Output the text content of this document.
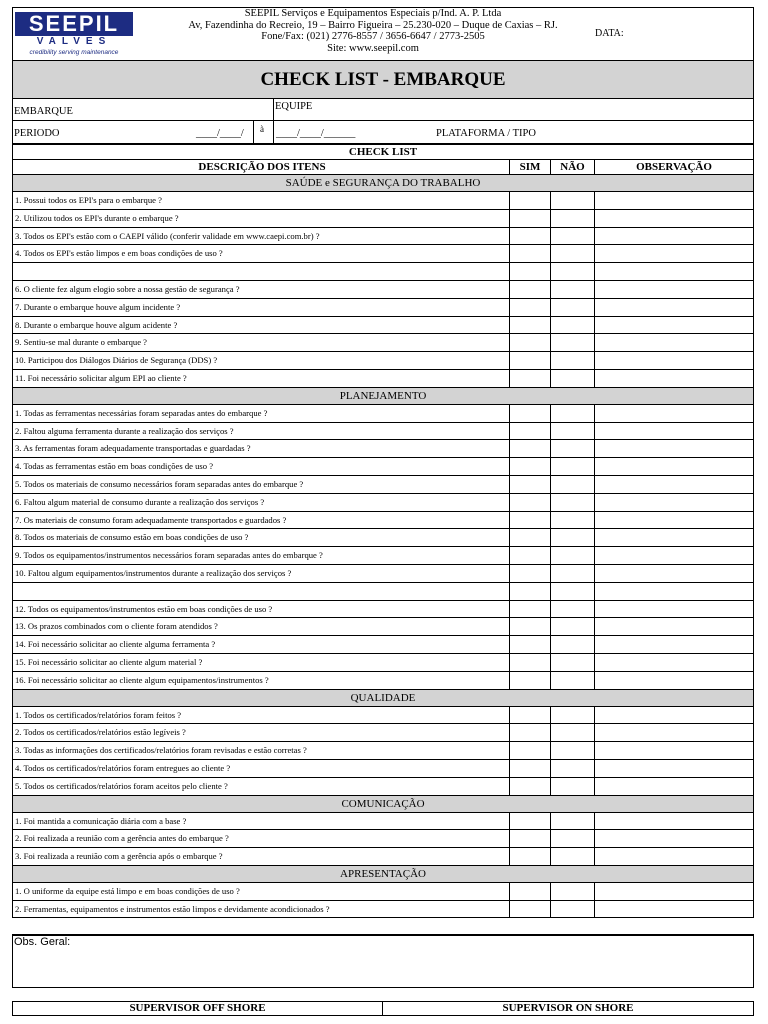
SEEPIL
VALVES
credibility serving maintenance
SEEPIL Serviços e Equipamentos Especiais p/Ind. A. P. Ltda
Av, Fazendinha do Recreio, 19 – Bairro Figueira – 25.230-020 – Duque de Caxias – RJ.
Fone/Fax: (021) 2776-8557 / 3656-6647 / 2773-2505
Site: www.seepil.com
DATA:
CHECK LIST - EMBARQUE
EMBARQUE	EQUIPE
PERIODO	____/____/ à ____/____/______	PLATAFORMA / TIPO
CHECK LIST
DESCRIÇÃO DOS ITENS	SIM	NÃO	OBSERVAÇÃO
SAÚDE e SEGURANÇA DO TRABALHO
1. Possui todos os EPI's para o embarque ?
2. Utilizou todos os EPI's durante o embarque ?
3. Todos os EPI's estão com o CAEPI válido (conferir validade em www.caepi.com.br) ?
4. Todos os EPI's estão limpos e em boas condições de uso ?
6. O cliente fez algum elogio sobre a nossa gestão de segurança ?
7. Durante o embarque houve algum incidente ?
8. Durante o embarque houve algum acidente ?
9. Sentiu-se mal durante o embarque ?
10. Participou dos Diálogos Diários de Segurança (DDS) ?
11. Foi necessário solicitar algum EPI ao cliente ?
PLANEJAMENTO
1. Todas as ferramentas necessárias foram separadas antes do embarque ?
2. Faltou alguma ferramenta durante a realização dos serviços ?
3. As ferramentas foram adequadamente transportadas e guardadas ?
4. Todas as ferramentas estão em boas condições de uso ?
5. Todos os materiais de consumo necessários foram separadas antes do embarque ?
6. Faltou algum material de consumo durante a realização dos serviços ?
7. Os materiais de consumo foram adequadamente transportados e guardados ?
8. Todos os materiais de consumo estão em boas condições de uso ?
9. Todos os equipamentos/instrumentos necessários foram separadas antes do embarque ?
10. Faltou algum equipamentos/instrumentos durante a realização dos serviços ?
12. Todos os equipamentos/instrumentos estão em boas condições de uso ?
13. Os prazos combinados com o cliente foram atendidos ?
14. Foi necessário solicitar ao cliente alguma ferramenta ?
15. Foi necessário solicitar ao cliente algum material ?
16. Foi necessário solicitar ao cliente algum equipamentos/instrumentos ?
QUALIDADE
1. Todos os certificados/relatórios foram feitos ?
2. Todos os certificados/relatórios estão legíveis ?
3. Todas as informações dos certificados/relatórios foram revisadas e estão corretas ?
4. Todos os certificados/relatórios foram entregues ao cliente ?
5. Todos os certificados/relatórios foram aceitos pelo cliente ?
COMUNICAÇÃO
1. Foi mantida a comunicação diária com a base ?
2. Foi realizada a reunião com a gerência antes do embarque ?
3. Foi realizada a reunião com a gerência após o embarque ?
APRESENTAÇÃO
1. O uniforme da equipe está limpo e em boas condições de uso ?
2. Ferramentas, equipamentos e instrumentos estão limpos e devidamente acondicionados ?
Obs. Geral:
SUPERVISOR OFF SHORE	SUPERVISOR ON SHORE
